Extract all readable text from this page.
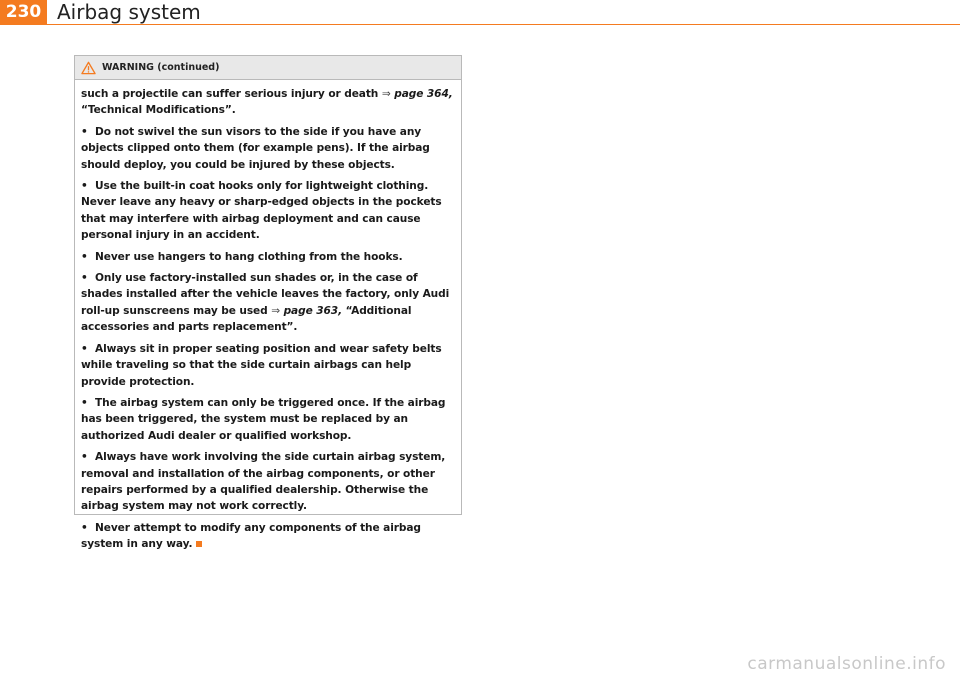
230 Airbag system
WARNING (continued)

such a projectile can suffer serious injury or death ⇒ page 364,
“Technical Modifications”.

• Do not swivel the sun visors to the side if you have any objects clipped onto them (for example pens). If the airbag should deploy, you could be injured by these objects.

• Use the built-in coat hooks only for lightweight clothing. Never leave any heavy or sharp-edged objects in the pockets that may interfere with airbag deployment and can cause personal injury in an accident.

• Never use hangers to hang clothing from the hooks.

• Only use factory-installed sun shades or, in the case of shades installed after the vehicle leaves the factory, only Audi roll-up sunscreens may be used ⇒ page 363, “Additional accessories and parts replacement”.

• Always sit in proper seating position and wear safety belts while traveling so that the side curtain airbags can help provide protection.

• The airbag system can only be triggered once. If the airbag has been triggered, the system must be replaced by an authorized Audi dealer or qualified workshop.

• Always have work involving the side curtain airbag system, removal and installation of the airbag components, or other repairs performed by a qualified dealership. Otherwise the airbag system may not work correctly.

• Never attempt to modify any components of the airbag system in any way.

carmanualsonline.info
